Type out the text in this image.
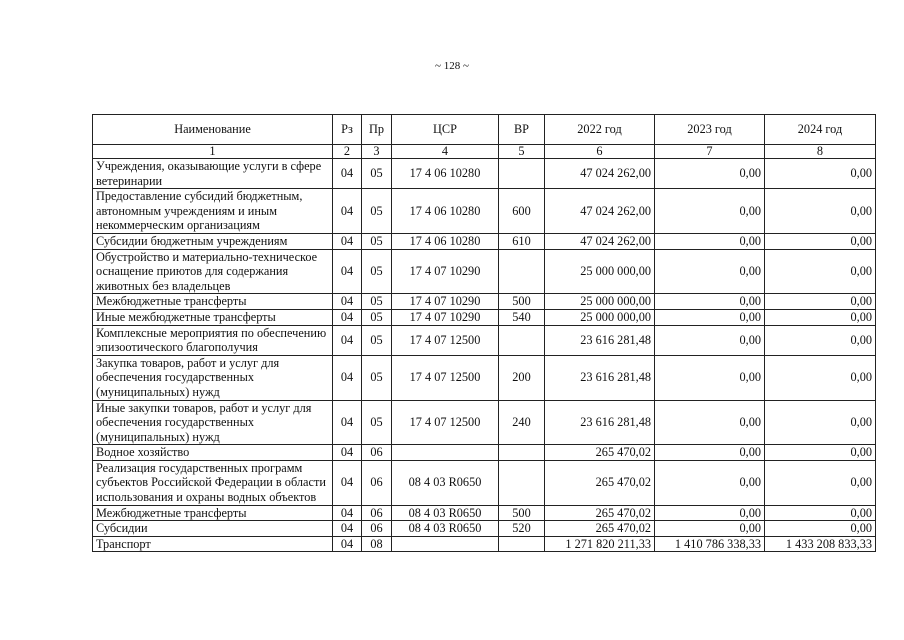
~ 128 ~
Наименование	Рз	Пр	ЦСР	ВР	2022 год	2023 год	2024 год
1	2	3	4	5	6	7	8
Учреждения, оказывающие услуги в сфере ветеринарии	04	05	17 4 06 10280		47 024 262,00	0,00	0,00
Предоставление субсидий бюджетным, автономным учреждениям и иным некоммерческим организациям	04	05	17 4 06 10280	600	47 024 262,00	0,00	0,00
Субсидии бюджетным учреждениям	04	05	17 4 06 10280	610	47 024 262,00	0,00	0,00
Обустройство и материально-техническое оснащение приютов для содержания животных без владельцев	04	05	17 4 07 10290		25 000 000,00	0,00	0,00
Межбюджетные трансферты	04	05	17 4 07 10290	500	25 000 000,00	0,00	0,00
Иные межбюджетные трансферты	04	05	17 4 07 10290	540	25 000 000,00	0,00	0,00
Комплексные мероприятия по обеспечению эпизоотического благополучия	04	05	17 4 07 12500		23 616 281,48	0,00	0,00
Закупка товаров, работ и услуг для обеспечения государственных (муниципальных) нужд	04	05	17 4 07 12500	200	23 616 281,48	0,00	0,00
Иные закупки товаров, работ и услуг для обеспечения государственных (муниципальных) нужд	04	05	17 4 07 12500	240	23 616 281,48	0,00	0,00
Водное хозяйство	04	06			265 470,02	0,00	0,00
Реализация государственных программ субъектов Российской Федерации в области использования и охраны водных объектов	04	06	08 4 03 R0650		265 470,02	0,00	0,00
Межбюджетные трансферты	04	06	08 4 03 R0650	500	265 470,02	0,00	0,00
Субсидии	04	06	08 4 03 R0650	520	265 470,02	0,00	0,00
Транспорт	04	08			1 271 820 211,33	1 410 786 338,33	1 433 208 833,33
